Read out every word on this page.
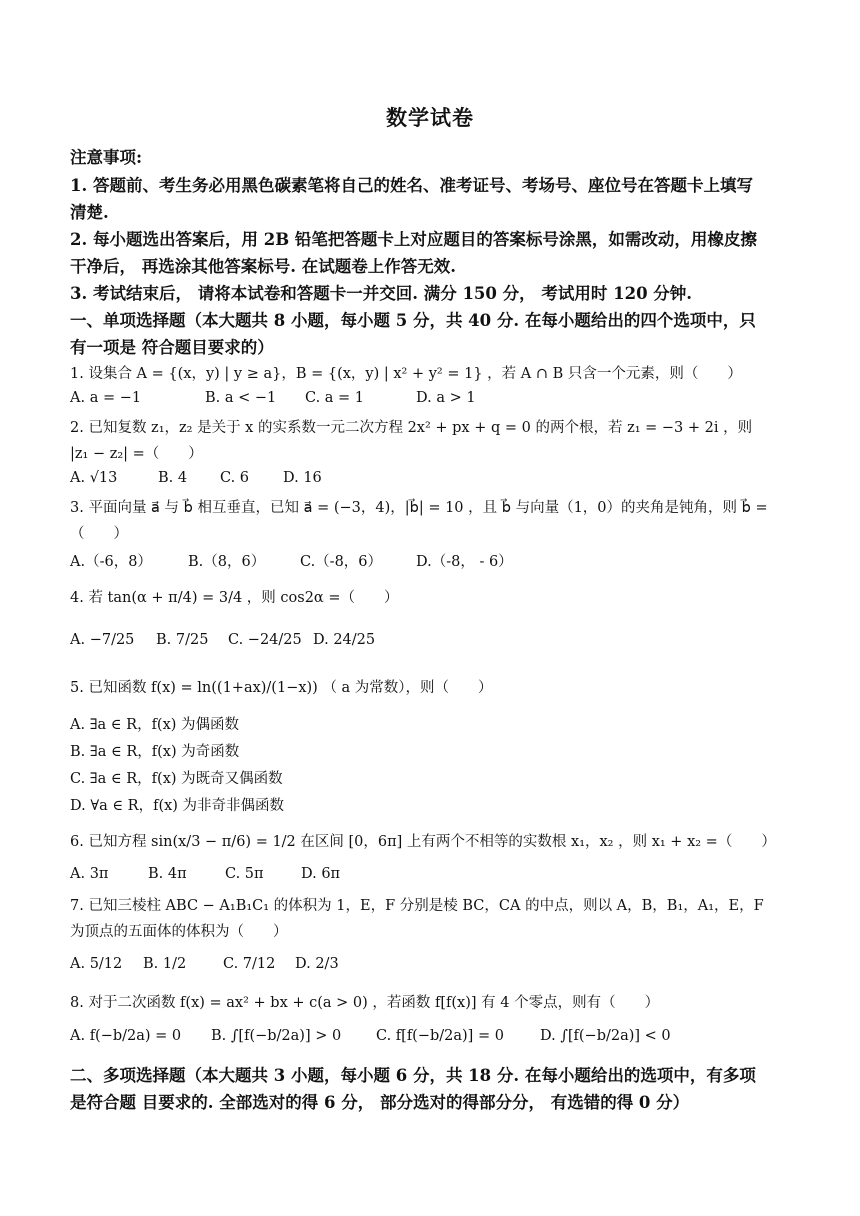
数学试卷
注意事项:
1. 答题前、考生务必用黑色碳素笔将自己的姓名、准考证号、考场号、座位号在答题卡上填写
清楚.
2. 每小题选出答案后，用 2B 铅笔把答题卡上对应题目的答案标号涂黑，如需改动，用橡皮擦
干净后， 再选涂其他答案标号. 在试题卷上作答无效.
3. 考试结束后， 请将本试卷和答题卡一并交回. 满分 150 分， 考试用时 120 分钟.
一、单项选择题（本大题共 8 小题，每小题 5 分，共 40 分. 在每小题给出的四个选项中，只
有一项是 符合题目要求的）
1. 设集合 A = {(x，y) | y ≥ a}，B = {(x，y) | x² + y² = 1} ，若 A ∩ B 只含一个元素，则（　　）
A. a = −1	B. a < −1 C. a = 1	D. a > 1
2. 已知复数 z₁，z₂ 是关于 x 的实系数一元二次方程 2x² + px + q = 0 的两个根，若 z₁ = −3 + 2i ，则
|z₁ − z₂| =（　　）
A. √13	B. 4 C. 6 D. 16
3. 平面向量 a⃗ 与 b⃗ 相互垂直，已知 a⃗ = (−3，4)，|b⃗| = 10 ，且 b⃗ 与向量（1，0）的夹角是钝角，则 b⃗ =
（　　）
A.（-6，8） B.（8，6） C.（-8，6） D.（-8， - 6）
4. 若 tan(α + π/4) = 3/4 ，则 cos2α =（　　）
A. −7/25 B. 7/25 C. −24/25 D. 24/25
5. 已知函数 f(x) = ln((1+ax)/(1−x)) （ a 为常数），则（　　）
A. ∃a ∈ R，f(x) 为偶函数
B. ∃a ∈ R，f(x) 为奇函数
C. ∃a ∈ R，f(x) 为既奇又偶函数
D. ∀a ∈ R，f(x) 为非奇非偶函数
6. 已知方程 sin(x/3 − π/6) = 1/2 在区间 [0，6π] 上有两个不相等的实数根 x₁，x₂ ，则 x₁ + x₂ =（　　）
A. 3π	B. 4π	C. 5π	D. 6π
7. 已知三棱柱 ABC − A₁B₁C₁ 的体积为 1，E，F 分别是棱 BC，CA 的中点，则以 A，B，B₁，A₁，E，F
为顶点的五面体的体积为（　　）
A. 5/12 B. 1/2	C. 7/12 D. 2/3
8. 对于二次函数 f(x) = ax² + bx + c(a > 0) ，若函数 f[f(x)] 有 4 个零点，则有（　　）
A. f(−b/2a) = 0 B. ∫[f(−b/2a)] > 0 C. f[f(−b/2a)] = 0 D. ∫[f(−b/2a)] < 0
二、多项选择题（本大题共 3 小题，每小题 6 分，共 18 分. 在每小题给出的选项中，有多项
是符合题 目要求的. 全部选对的得 6 分， 部分选对的得部分分， 有选错的得 0 分）
